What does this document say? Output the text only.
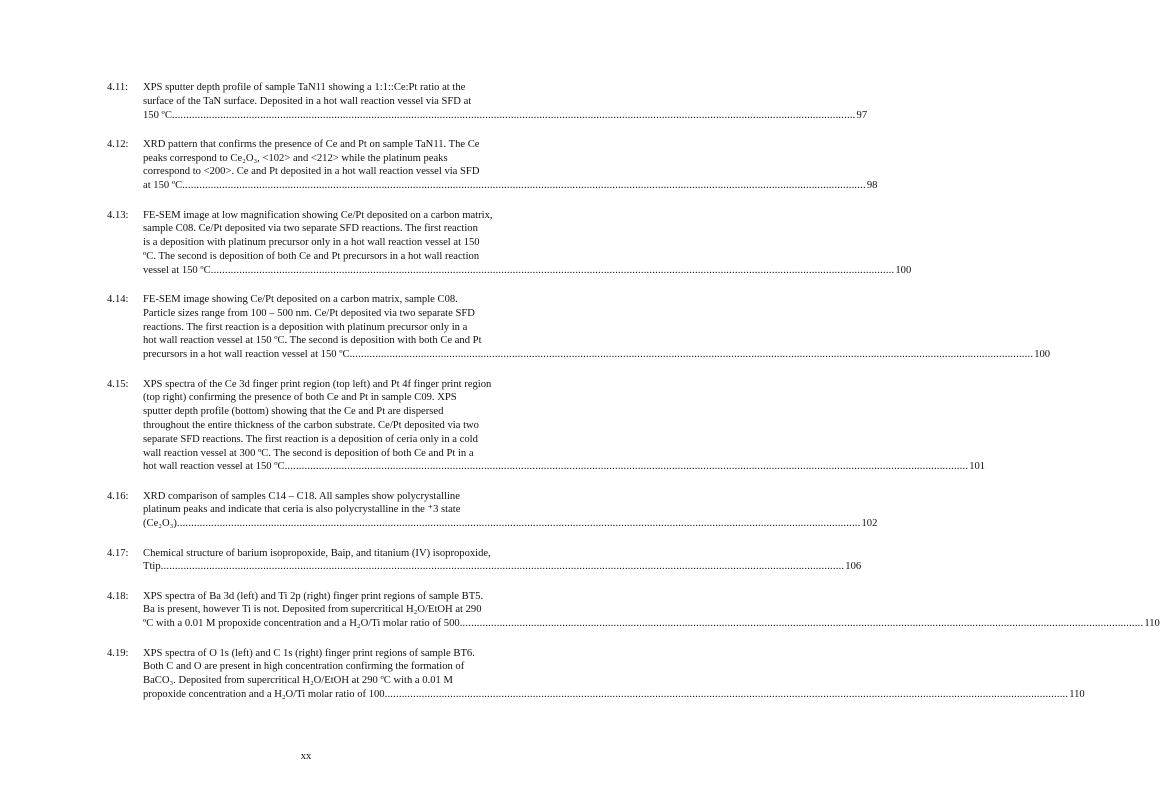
4.11:	XPS sputter depth profile of sample TaN11 showing a 1:1::Ce:Pt ratio at the
surface of the TaN surface. Deposited in a hot wall reaction vessel via SFD at
150 ºC .....	97
4.12:	XRD pattern that confirms the presence of Ce and Pt on sample TaN11. The Ce
peaks correspond to Ce₂O₃, <102> and <212> while the platinum peaks
correspond to <200>. Ce and Pt deposited in a hot wall reaction vessel via SFD
at 150 ºC .....	98
4.13:	FE-SEM image at low magnification showing Ce/Pt deposited on a carbon matrix,
sample C08. Ce/Pt deposited via two separate SFD reactions. The first reaction
is a deposition with platinum precursor only in a hot wall reaction vessel at 150
ºC. The second is deposition of both Ce and Pt precursors in a hot wall reaction
vessel at 150 ºC .....	100
4.14:	FE-SEM image showing Ce/Pt deposited on a carbon matrix, sample C08.
Particle sizes range from 100 – 500 nm. Ce/Pt deposited via two separate SFD
reactions. The first reaction is a deposition with platinum precursor only in a
hot wall reaction vessel at 150 ºC. The second is deposition with both Ce and Pt
precursors in a hot wall reaction vessel at 150 ºC .....	100
4.15:	XPS spectra of the Ce 3d finger print region (top left) and Pt 4f finger print region
(top right) confirming the presence of both Ce and Pt in sample C09. XPS
sputter depth profile (bottom) showing that the Ce and Pt are dispersed
throughout the entire thickness of the carbon substrate. Ce/Pt deposited via two
separate SFD reactions. The first reaction is a deposition of ceria only in a cold
wall reaction vessel at 300 ºC. The second is deposition of both Ce and Pt in a
hot wall reaction vessel at 150 ºC .....	101
4.16:	XRD comparison of samples C14 – C18. All samples show polycrystalline
platinum peaks and indicate that ceria is also polycrystalline in the ⁺3 state
(Ce₂O₃) .....	102
4.17:	Chemical structure of barium isopropoxide, Baip, and titanium (IV) isopropoxide,
Ttip .....	106
4.18:	XPS spectra of Ba 3d (left) and Ti 2p (right) finger print regions of sample BT5.
Ba is present, however Ti is not. Deposited from supercritical H₂O/EtOH at 290
ºC with a 0.01 M propoxide concentration and a H₂O/Ti molar ratio of 500 .....	110
4.19:	XPS spectra of O 1s (left) and C 1s (right) finger print regions of sample BT6.
Both C and O are present in high concentration confirming the formation of
BaCO₃. Deposited from supercritical H₂O/EtOH at 290 ºC with a 0.01 M
propoxide concentration and a H₂O/Ti molar ratio of 100 .....	110
xx
